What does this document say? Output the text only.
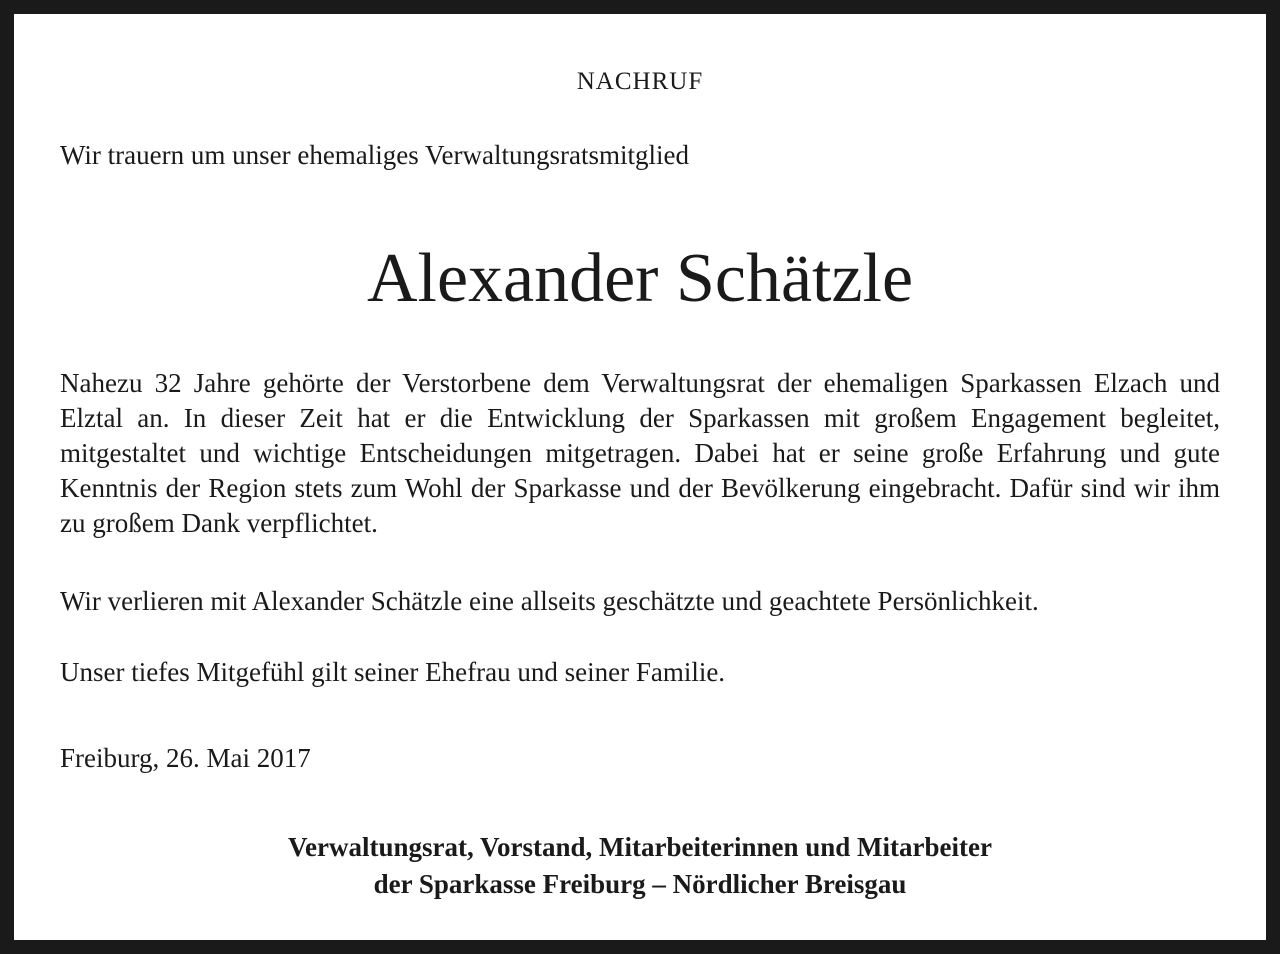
NACHRUF
Wir trauern um unser ehemaliges Verwaltungsratsmitglied
Alexander Schätzle
Nahezu 32 Jahre gehörte der Verstorbene dem Verwaltungsrat der ehemaligen Sparkassen Elzach und Elztal an. In dieser Zeit hat er die Entwicklung der Sparkassen mit großem Engagement begleitet, mitgestaltet und wichtige Entscheidungen mitgetragen. Dabei hat er seine große Erfahrung und gute Kenntnis der Region stets zum Wohl der Sparkasse und der Bevölkerung eingebracht. Dafür sind wir ihm zu großem Dank verpflichtet.
Wir verlieren mit Alexander Schätzle eine allseits geschätzte und geachtete Persönlichkeit.
Unser tiefes Mitgefühl gilt seiner Ehefrau und seiner Familie.
Freiburg, 26. Mai 2017
Verwaltungsrat, Vorstand, Mitarbeiterinnen und Mitarbeiter
der Sparkasse Freiburg – Nördlicher Breisgau
